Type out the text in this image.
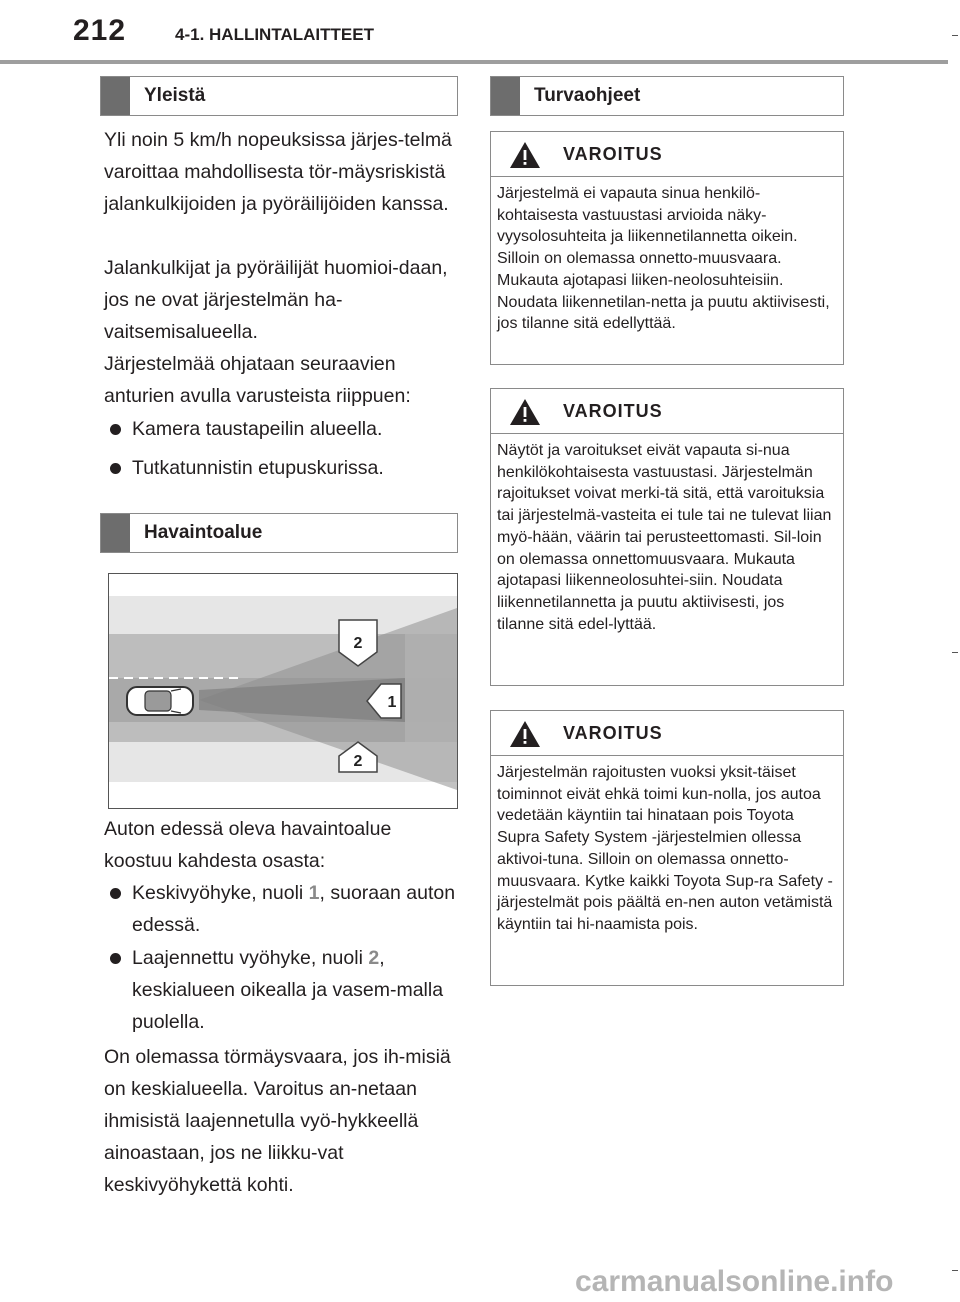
212	4-1. HALLINTALAITTEET
Yleistä
Yli noin 5 km/h nopeuksissa järjes-telmä varoittaa mahdollisesta tör-mäysriskistä jalankulkijoiden ja pyöräilijöiden kanssa.
Jalankulkijat ja pyöräilijät huomioi-daan, jos ne ovat järjestelmän ha-vaitsemisalueella.
Järjestelmää ohjataan seuraavien anturien avulla varusteista riippuen:
Kamera taustapeilin alueella.
Tutkatunnistin etupuskurissa.
Havaintoalue
2
1
2
Auton edessä oleva havaintoalue koostuu kahdesta osasta:
Keskivyöhyke, nuoli 1, suoraan auton edessä.
Laajennettu vyöhyke, nuoli 2, keskialueen oikealla ja vasem-malla puolella.
On olemassa törmäysvaara, jos ih-misiä on keskialueella. Varoitus an-netaan ihmisistä laajennetulla vyö-hykkeellä ainoastaan, jos ne liikku-vat keskivyöhykettä kohti.
Turvaohjeet
VAROITUS
Järjestelmä ei vapauta sinua henkilö-kohtaisesta vastuustasi arvioida näky-vyysolosuhteita ja liikennetilannetta oikein. Silloin on olemassa onnetto-muusvaara. Mukauta ajotapasi liiken-neolosuhteisiin. Noudata liikennetilan-netta ja puutu aktiivisesti, jos tilanne sitä edellyttää.
VAROITUS
Näytöt ja varoitukset eivät vapauta si-nua henkilökohtaisesta vastuustasi. Järjestelmän rajoitukset voivat merki-tä sitä, että varoituksia tai järjestelmä-vasteita ei tule tai ne tulevat liian myö-hään, väärin tai perusteettomasti. Sil-loin on olemassa onnettomuusvaara. Mukauta ajotapasi liikenneolosuhtei-siin. Noudata liikennetilannetta ja puutu aktiivisesti, jos tilanne sitä edel-lyttää.
VAROITUS
Järjestelmän rajoitusten vuoksi yksit-täiset toiminnot eivät ehkä toimi kun-nolla, jos autoa vedetään käyntiin tai hinataan pois Toyota Supra Safety System -järjestelmien ollessa aktivoi-tuna. Silloin on olemassa onnetto-muusvaara. Kytke kaikki Toyota Sup-ra Safety -järjestelmät pois päältä en-nen auton vetämistä käyntiin tai hi-naamista pois.
carmanualsonline.info
